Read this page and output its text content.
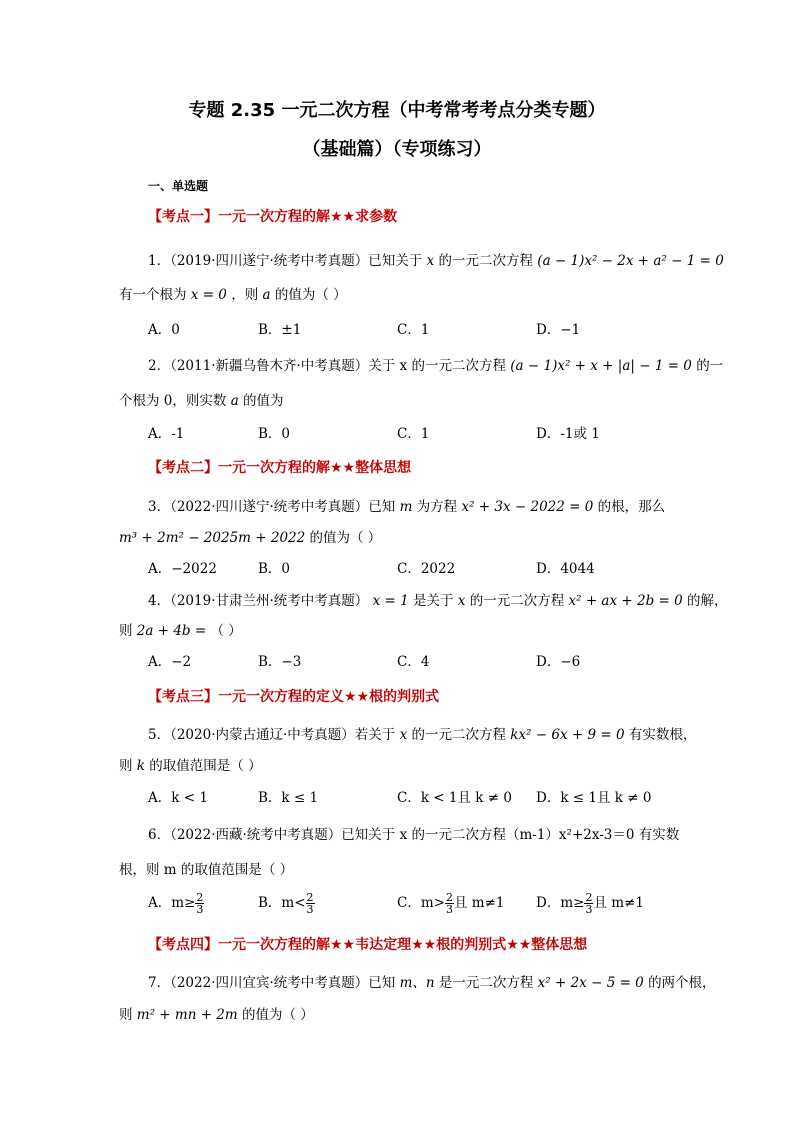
专题 2.35 一元二次方程（中考常考考点分类专题）
（基础篇）（专项练习）
一、单选题
【考点一】一元一次方程的解★★求参数
1．（2019·四川遂宁·统考中考真题）已知关于 x 的一元二次方程 (a − 1)x² − 2x + a² − 1 = 0
有一个根为 x = 0 ，则 a 的值为（ ）
A．0	B．±1	C．1	D．−1
2．（2011·新疆乌鲁木齐·中考真题）关于 x 的一元二次方程 (a − 1)x² + x + |a| − 1 = 0 的一
个根为 0，则实数 a 的值为
A．-1	B．0	C．1	D．-1或 1
【考点二】一元一次方程的解★★整体思想
3．（2022·四川遂宁·统考中考真题）已知 m 为方程 x² + 3x − 2022 = 0 的根，那么
m³ + 2m² − 2025m + 2022 的值为（ ）
A．−2022	B．0	C．2022	D．4044
4．（2019·甘肃兰州·统考中考真题） x = 1 是关于 x 的一元二次方程 x² + ax + 2b = 0 的解，
则 2a + 4b = （ ）
A．−2	B．−3	C．4	D．−6
【考点三】一元一次方程的定义★★根的判别式
5．（2020·内蒙古通辽·中考真题）若关于 x 的一元二次方程 kx² − 6x + 9 = 0 有实数根，
则 k 的取值范围是（ ）
A．k < 1	B．k ≤ 1	C．k < 1且 k ≠ 0 D．k ≤ 1且 k ≠ 0
6．（2022·西藏·统考中考真题）已知关于 x 的一元二次方程（m-1）x²+2x-3＝0 有实数
根，则 m 的取值范围是（ ）
A．$m\ge \frac{2}{3}$	B．$m< \frac{2}{3}$	C．$m> \frac{2}{3}$ 且 m≠1 D．$m\ge \frac{2}{3}$ 且 m≠1
【考点四】一元一次方程的解★★韦达定理★★根的判别式★★整体思想
7．（2022·四川宜宾·统考中考真题）已知 m、n 是一元二次方程 x² + 2x − 5 = 0 的两个根，
则 m² + mn + 2m 的值为（ ）
